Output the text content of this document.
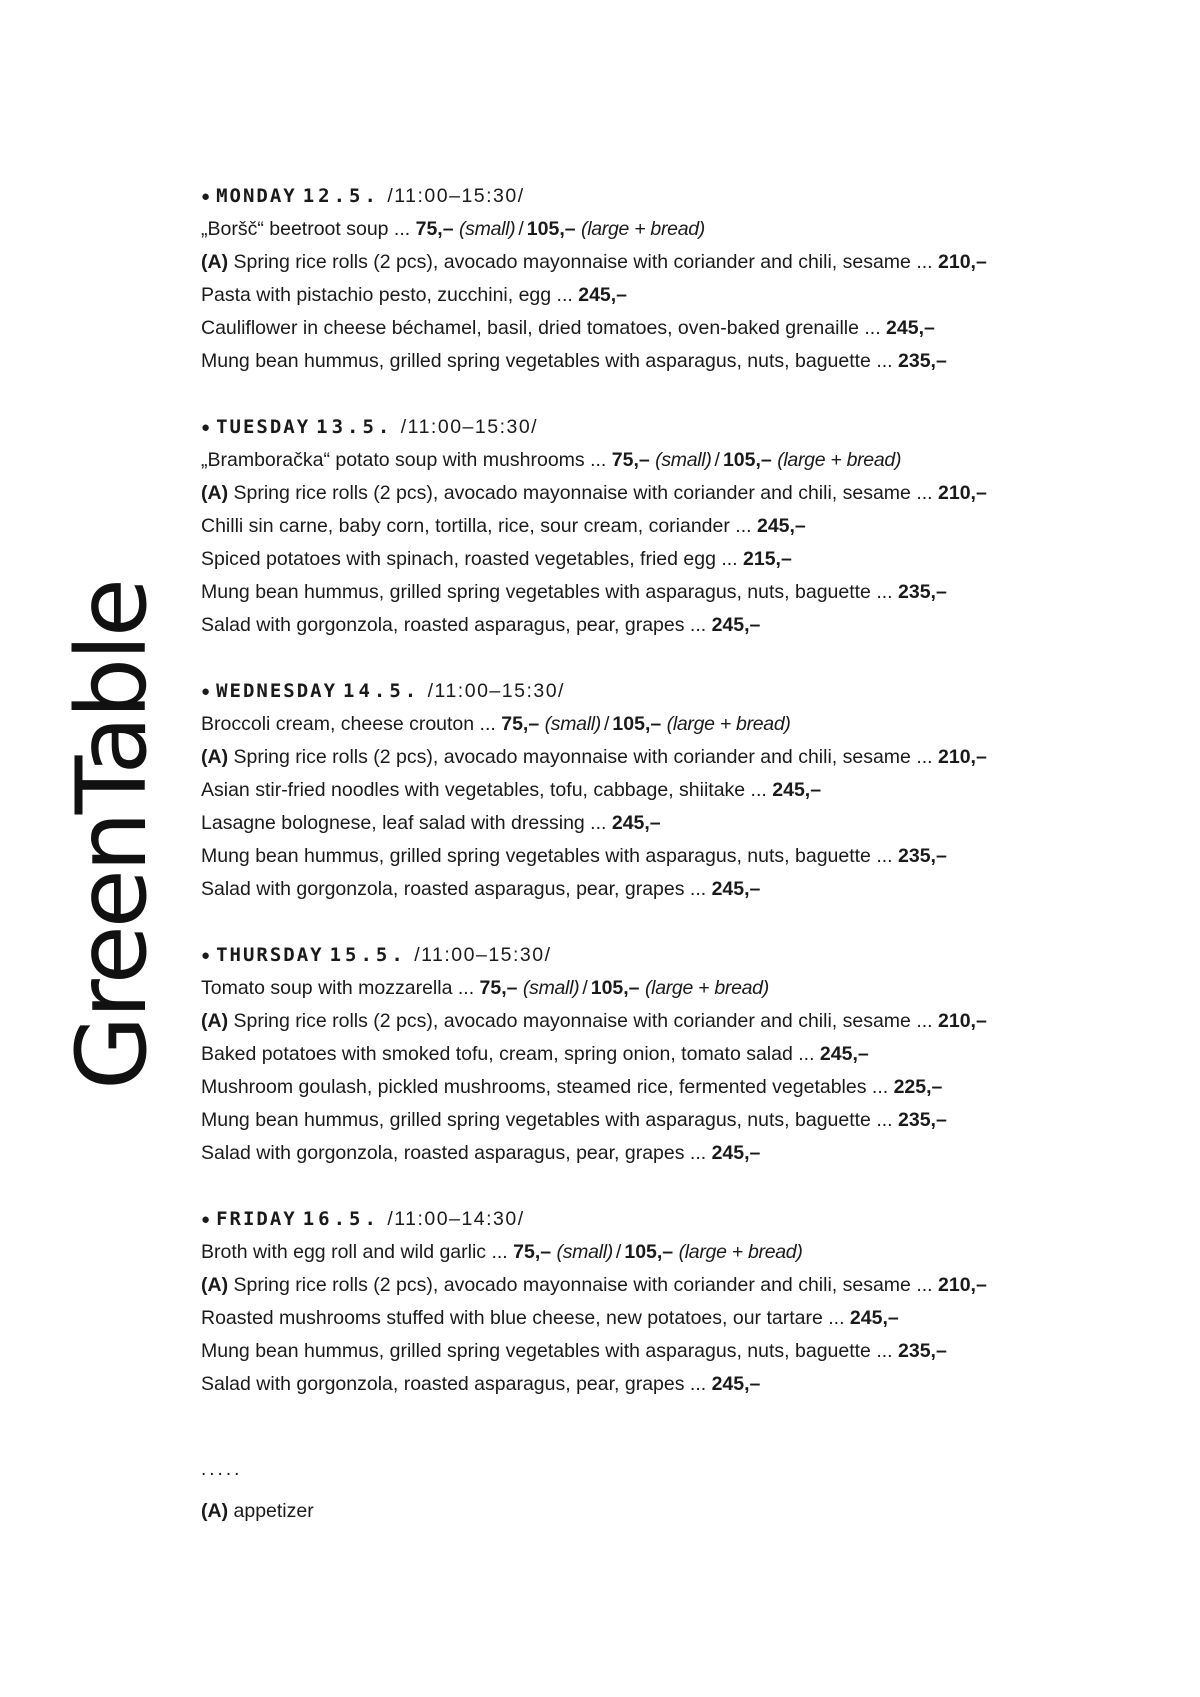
GreenTable
● MONDAY 12.5. /11:00–15:30/
„Boršč“ beetroot soup ... 75,– (small) / 105,– (large + bread)
(A) Spring rice rolls (2 pcs), avocado mayonnaise with coriander and chili, sesame ... 210,–
Pasta with pistachio pesto, zucchini, egg ... 245,–
Cauliflower in cheese béchamel, basil, dried tomatoes, oven-baked grenaille ... 245,–
Mung bean hummus, grilled spring vegetables with asparagus, nuts, baguette ... 235,–
● TUESDAY 13.5. /11:00–15:30/
„Bramboračka“ potato soup with mushrooms ... 75,– (small) / 105,– (large + bread)
(A) Spring rice rolls (2 pcs), avocado mayonnaise with coriander and chili, sesame ... 210,–
Chilli sin carne, baby corn, tortilla, rice, sour cream, coriander ... 245,–
Spiced potatoes with spinach, roasted vegetables, fried egg ... 215,–
Mung bean hummus, grilled spring vegetables with asparagus, nuts, baguette ... 235,–
Salad with gorgonzola, roasted asparagus, pear, grapes ... 245,–
● WEDNESDAY 14.5. /11:00–15:30/
Broccoli cream, cheese crouton ... 75,– (small) / 105,– (large + bread)
(A) Spring rice rolls (2 pcs), avocado mayonnaise with coriander and chili, sesame ... 210,–
Asian stir-fried noodles with vegetables, tofu, cabbage, shiitake ... 245,–
Lasagne bolognese, leaf salad with dressing ... 245,–
Mung bean hummus, grilled spring vegetables with asparagus, nuts, baguette ... 235,–
Salad with gorgonzola, roasted asparagus, pear, grapes ... 245,–
● THURSDAY 15.5. /11:00–15:30/
Tomato soup with mozzarella ... 75,– (small) / 105,– (large + bread)
(A) Spring rice rolls (2 pcs), avocado mayonnaise with coriander and chili, sesame ... 210,–
Baked potatoes with smoked tofu, cream, spring onion, tomato salad ... 245,–
Mushroom goulash, pickled mushrooms, steamed rice, fermented vegetables ... 225,–
Mung bean hummus, grilled spring vegetables with asparagus, nuts, baguette ... 235,–
Salad with gorgonzola, roasted asparagus, pear, grapes ... 245,–
● FRIDAY 16.5. /11:00–14:30/
Broth with egg roll and wild garlic ... 75,– (small) / 105,– (large + bread)
(A) Spring rice rolls (2 pcs), avocado mayonnaise with coriander and chili, sesame ... 210,–
Roasted mushrooms stuffed with blue cheese, new potatoes, our tartare ... 245,–
Mung bean hummus, grilled spring vegetables with asparagus, nuts, baguette ... 235,–
Salad with gorgonzola, roasted asparagus, pear, grapes ... 245,–
.....
(A) appetizer
